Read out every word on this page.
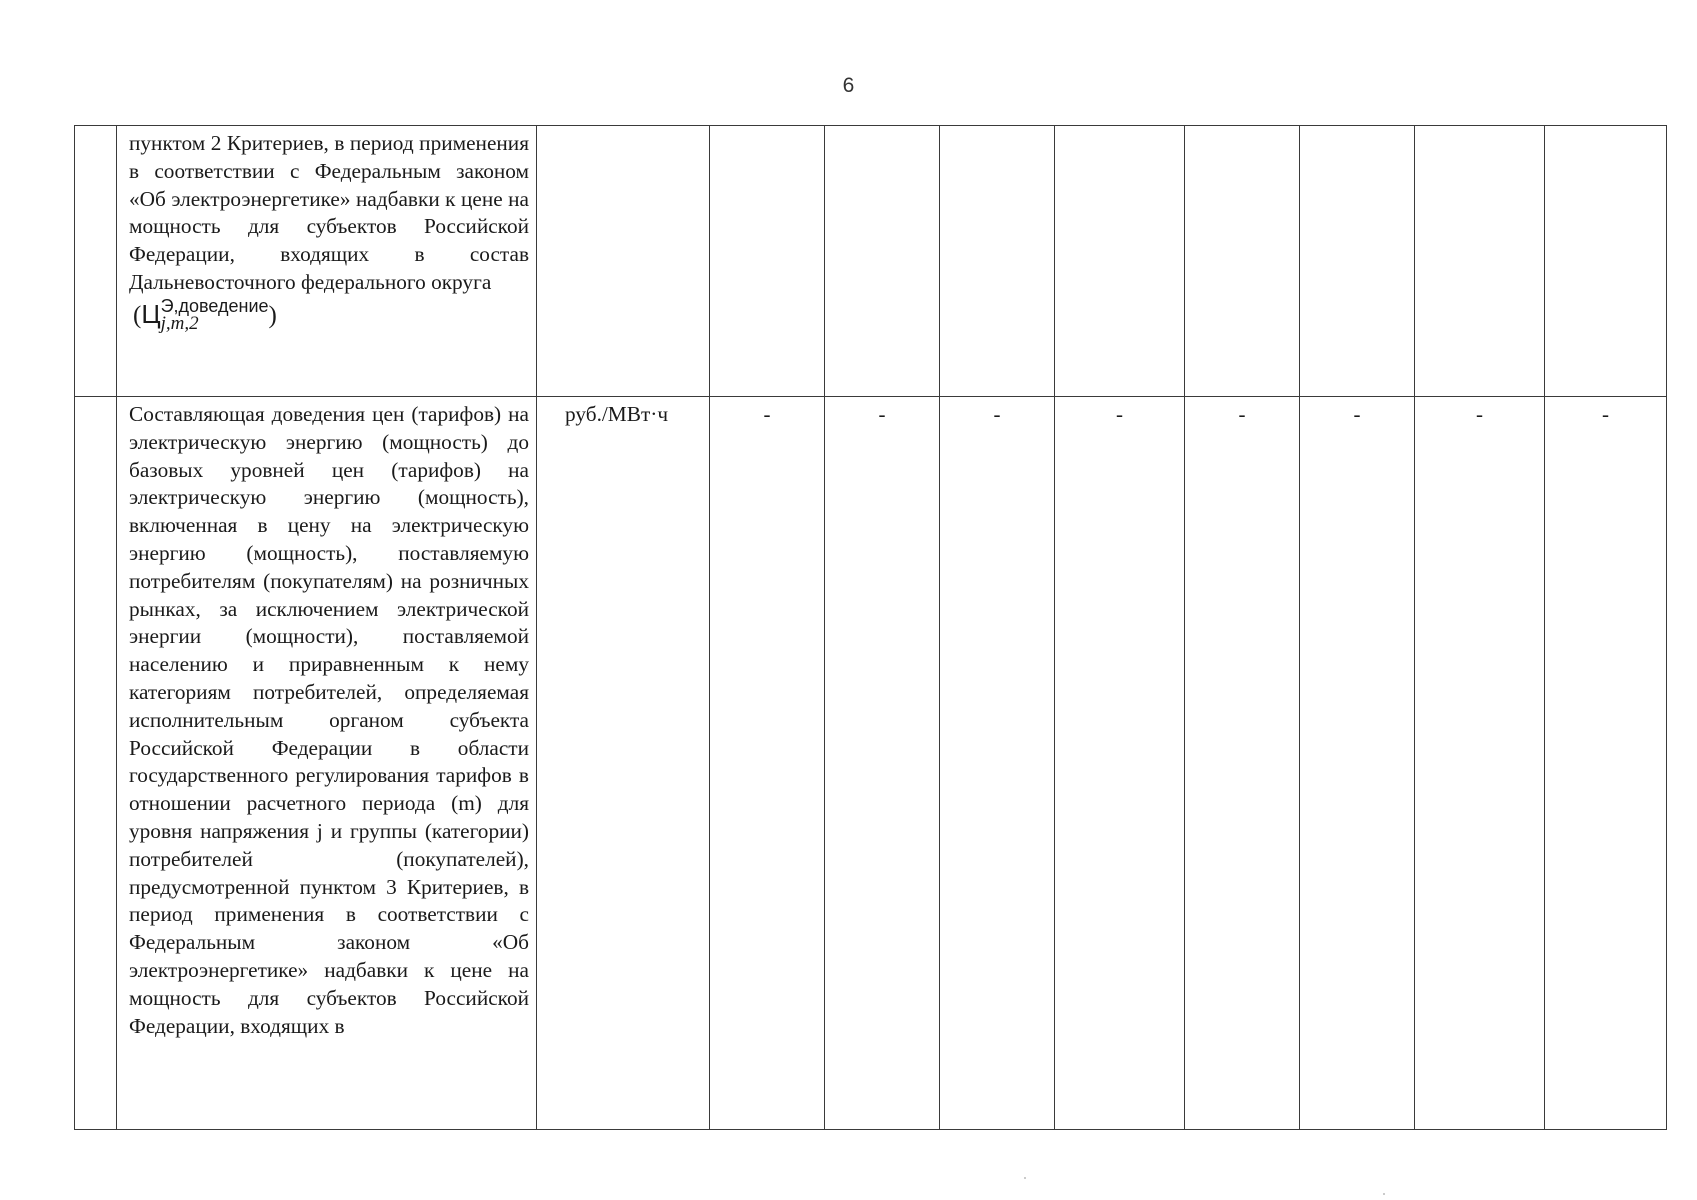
6

	пунктом 2 Критериев, в период применения в соответствии с Федеральным законом «Об электроэнергетике» надбавки к цене на мощность для субъектов Российской Федерации, входящих в состав Дальневосточного федерального округа
(Ц Э,доведение
j,m,2 )									

	Составляющая доведения цен (тарифов) на электрическую энергию (мощность) до базовых уровней цен (тарифов) на электрическую энергию (мощность), включенная в цену на электрическую энергию (мощность), поставляемую потребителям (покупателям) на розничных рынках, за исключением электрической энергии (мощности), поставляемой населению и приравненным к нему категориям потребителей, определяемая исполнительным органом субъекта Российской Федерации в области государственного регулирования тарифов в отношении расчетного периода (m) для уровня напряжения j и группы (категории) потребителей (покупателей), предусмотренной пунктом 3 Критериев, в период применения в соответствии с Федеральным законом «Об электроэнергетике» надбавки к цене на мощность для субъектов Российской Федерации, входящих в	руб./МВт·ч	-	-	-	-	-	-	-	-
